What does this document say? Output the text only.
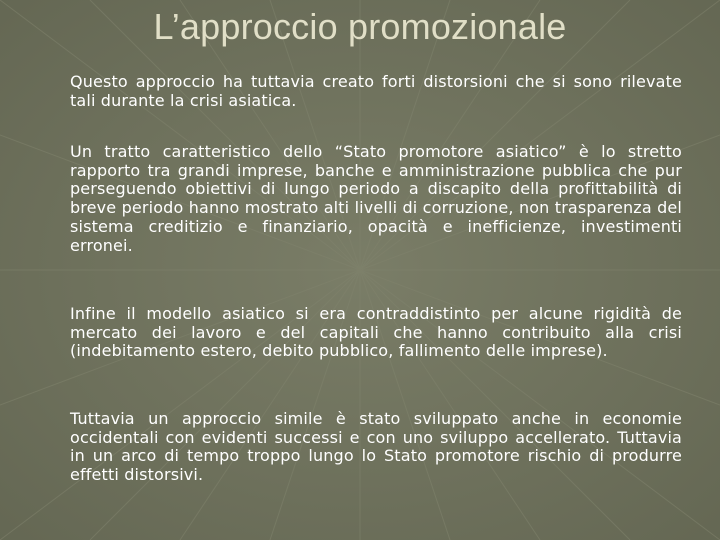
L’approccio promozionale

Questo approccio ha tuttavia creato forti distorsioni che si sono rilevate tali durante la crisi asiatica.

Un tratto caratteristico dello “Stato promotore asiatico” è lo stretto rapporto tra grandi imprese, banche e amministrazione pubblica che pur perseguendo obiettivi di lungo periodo a discapito della profittabilità di breve periodo hanno mostrato alti livelli di corruzione, non trasparenza del sistema creditizio e finanziario, opacità e inefficienze, investimenti erronei.

Infine il modello asiatico si era contraddistinto per alcune rigidità de mercato dei lavoro e del capitali che hanno contribuito alla crisi (indebitamento estero, debito pubblico, fallimento delle imprese).

Tuttavia un approccio simile è stato sviluppato anche in economie occidentali con evidenti successi e con uno sviluppo accellerato. Tuttavia in un arco di tempo troppo lungo lo Stato promotore rischio di produrre effetti distorsivi.
